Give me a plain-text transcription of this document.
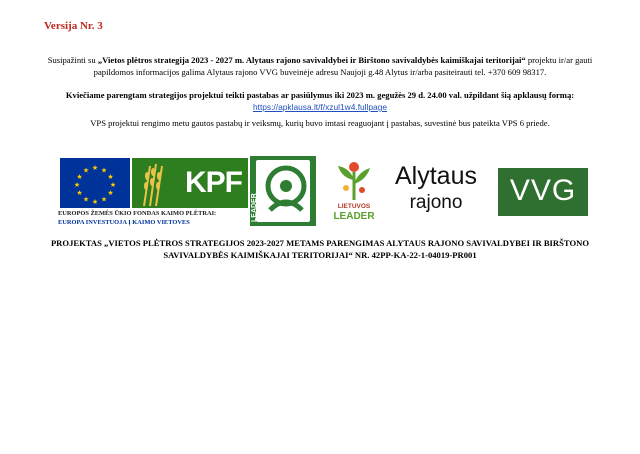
Versija Nr. 3
Susipažinti su „Vietos plėtros strategija 2023 - 2027 m. Alytaus rajono savivaldybei ir Birštono savivaldybės kaimiškajai teritorijai“ projektu ir/ar gauti papildomos informacijos galima Alytaus rajono VVG buveinėje adresu Naujoji g.48 Alytus ir/arba pasiteirauti tel. +370 609 98317.
Kviečiame parengtam strategijos projektui teikti pastabas ar pasiūlymus iki 2023 m. gegužės 29 d. 24.00 val. užpildant šią apklausų formą:
https://apklausa.lt/f/xzul1w4.fullpage
VPS projektui rengimo metu gautos pastabų ir veiksmų, kurių buvo imtasi reaguojant į pastabas, suvestinė bus pateikta VPS 6 priede.
★ ★
★
★
★
★
★
★
★
★
★
★	KPF
EUROPOS ŽEMĖS ŪKIO FONDAS KAIMO PLĖTRAI:
EUROPA INVESTUOJA Į KAIMO VIETOVES
LEADER	LIETUVOS
LEADER
Alytaus
rajono	VVG
PROJEKTAS „VIETOS PLĖTROS STRATEGIJOS 2023-2027 METAMS PARENGIMAS ALYTAUS RAJONO SAVIVALDYBEI IR BIRŠTONO SAVIVALDYBĖS KAIMIŠKAJAI TERITORIJAI“ NR. 42PP-KA-22-1-04019-PR001
